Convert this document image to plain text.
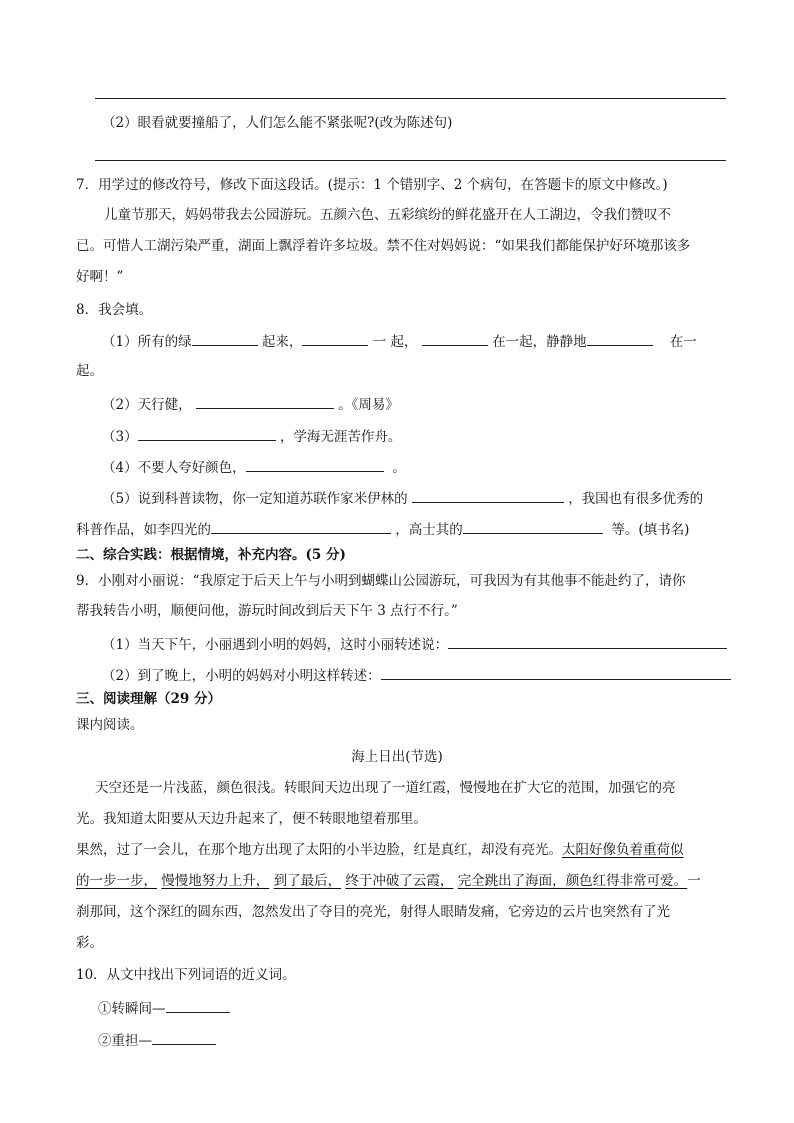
（2）眼看就要撞船了，人们怎么能不紧张呢?(改为陈述句)
7．用学过的修改符号，修改下面这段话。(提示：1 个错别字、2 个病句，在答题卡的原文中修改。)
儿童节那天，妈妈带我去公园游玩。五颜六色、五彩缤纷的鲜花盛开在人工湖边，令我们赞叹不
已。可惜人工湖污染严重，湖面上飘浮着许多垃圾。禁不住对妈妈说：“如果我们都能保护好环境那该多
好啊！”
8．我会填。
（1）所有的绿	起来，	一 起，	在一起，静静地	在一
起。
（2）天行健，	。《周易》
（3）	，学海无涯苦作舟。
（4）不要人夸好颜色，	。
（5）说到科普读物，你一定知道苏联作家米伊林的	，我国也有很多优秀的
科普作品，如李四光的	，高士其的	等。(填书名)
二、综合实践：根据情境，补充内容。(5 分)
9．小刚对小丽说：“我原定于后天上午与小明到蝴蝶山公园游玩，可我因为有其他事不能赴约了，请你
帮我转告小明，顺便问他，游玩时间改到后天下午 3 点行不行。”
（1）当天下午，小丽遇到小明的妈妈，这时小丽转述说：
（2）到了晚上，小明的妈妈对小明这样转述：
三、阅读理解（29 分）
课内阅读。
海上日出(节选)
天空还是一片浅蓝，颜色很浅。转眼间天边出现了一道红霞，慢慢地在扩大它的范围，加强它的亮
光。我知道太阳要从天边升起来了，便不转眼地望着那里。
果然，过了一会儿，在那个地方出现了太阳的小半边脸，红是真红，却没有亮光。太阳好像负着重荷似
的一步一步， 慢慢地努力上升， 到了最后， 终于冲破了云霞， 完全跳出了海面，颜色红得非常可爱。一
刹那间，这个深红的圆东西，忽然发出了夺目的亮光，射得人眼睛发痛，它旁边的云片也突然有了光
彩。
10．从文中找出下列词语的近义词。
①转瞬间—
②重担—
